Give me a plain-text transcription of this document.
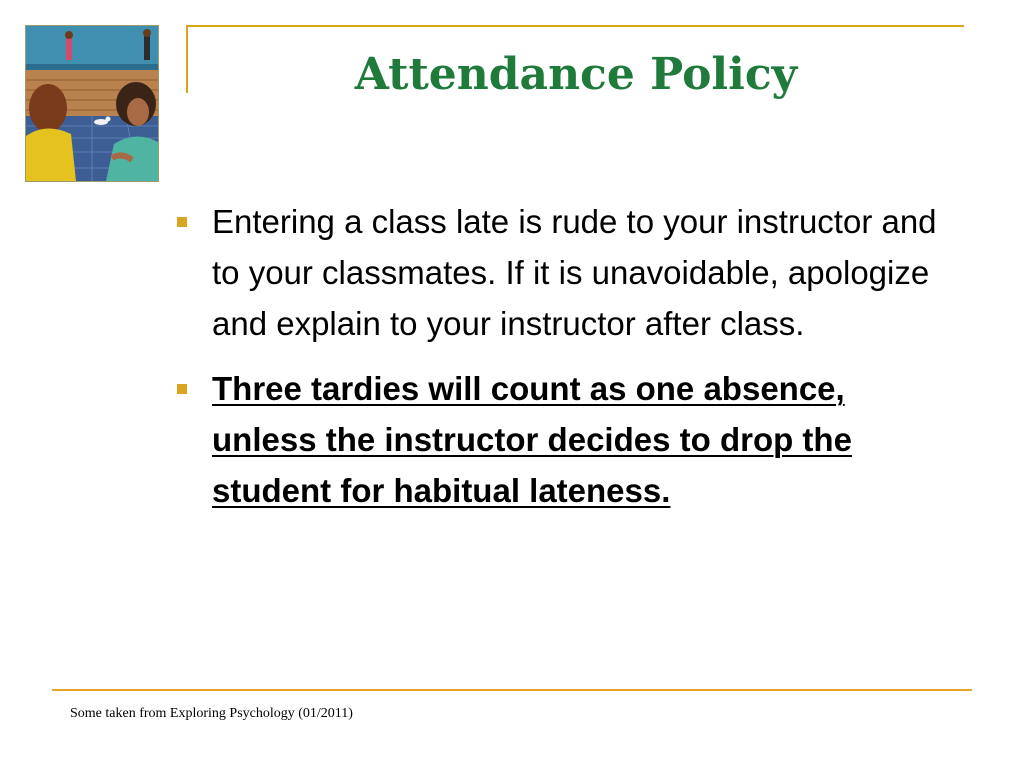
Attendance Policy
Entering a class late is rude to your instructor and to your classmates. If it is unavoidable, apologize and explain to your instructor after class.
Three tardies will count as one absence, unless the instructor decides to drop the student for habitual lateness.

Some taken from Exploring Psychology (01/2011)
